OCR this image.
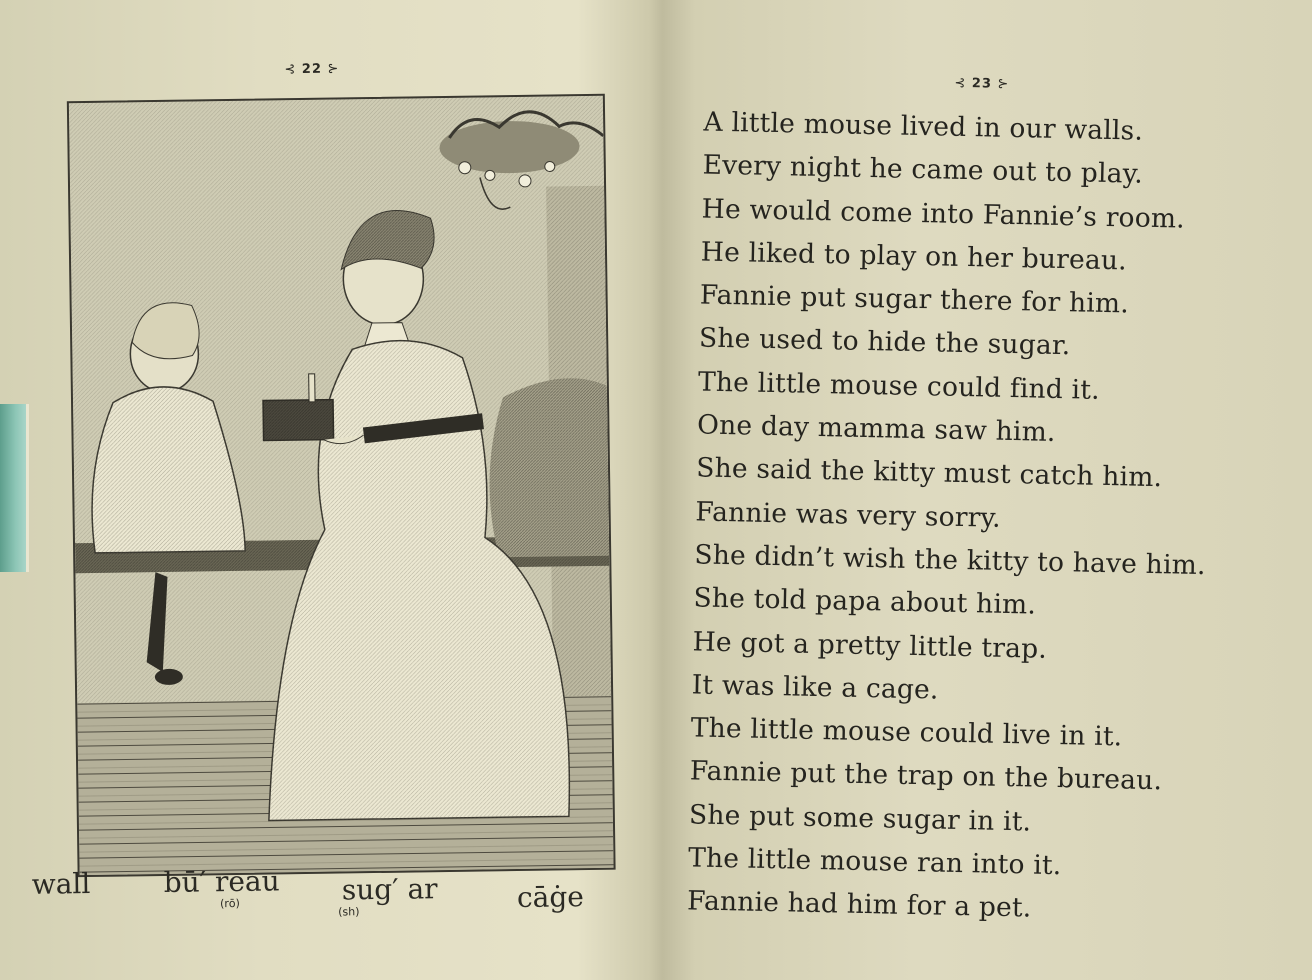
⊰ 22 ⊱
wall	bū′ reau
(rō)	sug′ ar
(sh)	cāġe
⊰ 23 ⊱
A little mouse lived in our walls.
Every night he came out to play.
He would come into Fannie’s room.
He liked to play on her bureau.
Fannie put sugar there for him.
She used to hide the sugar.
The little mouse could find it.
One day mamma saw him.
She said the kitty must catch him.
Fannie was very sorry.
She didn’t wish the kitty to have him.
She told papa about him.
He got a pretty little trap.
It was like a cage.
The little mouse could live in it.
Fannie put the trap on the bureau.
She put some sugar in it.
The little mouse ran into it.
Fannie had him for a pet.
